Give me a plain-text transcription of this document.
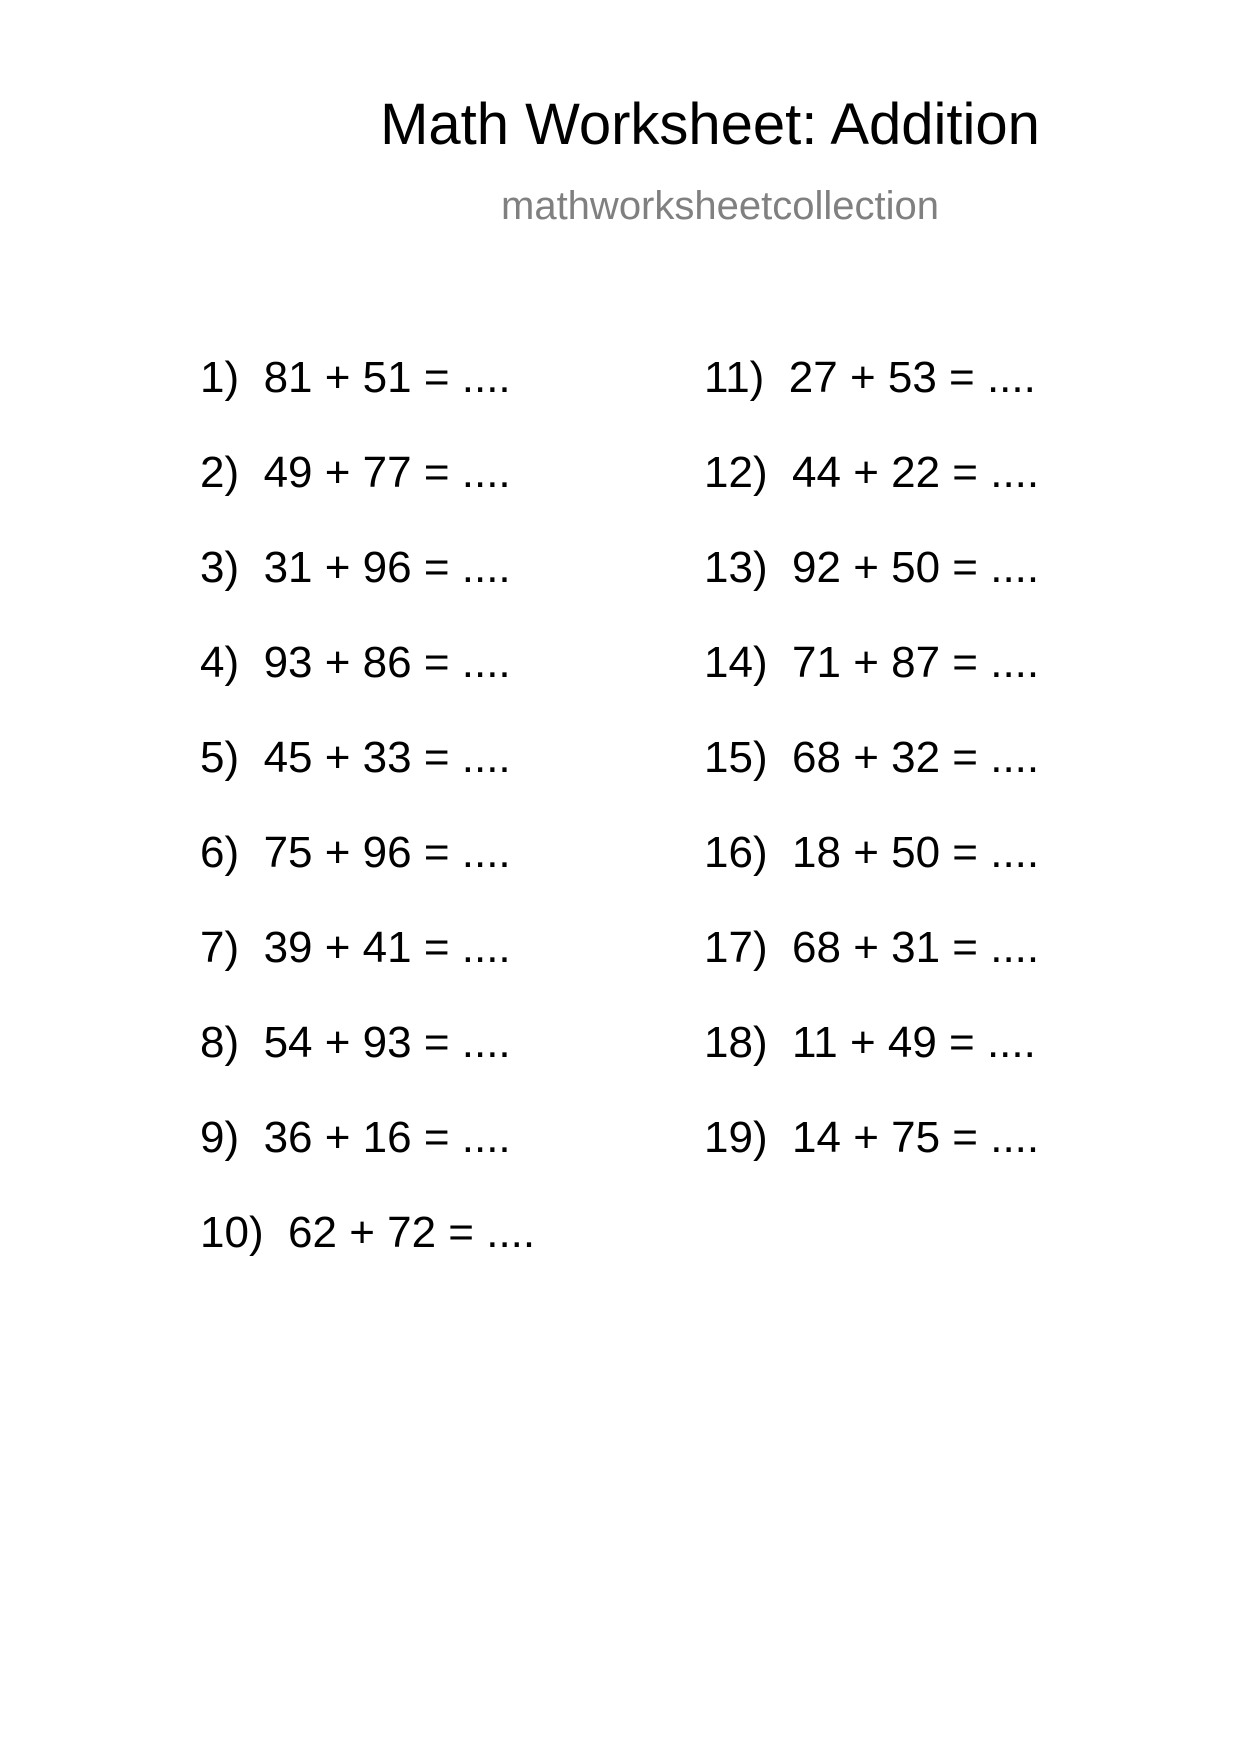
Math Worksheet: Addition
mathworksheetcollection
1)  81 + 51 = ....
2)  49 + 77 = ....
3)  31 + 96 = ....
4)  93 + 86 = ....
5)  45 + 33 = ....
6)  75 + 96 = ....
7)  39 + 41 = ....
8)  54 + 93 = ....
9)  36 + 16 = ....
10)  62 + 72 = ....
11)  27 + 53 = ....
12)  44 + 22 = ....
13)  92 + 50 = ....
14)  71 + 87 = ....
15)  68 + 32 = ....
16)  18 + 50 = ....
17)  68 + 31 = ....
18)  11 + 49 = ....
19)  14 + 75 = ....
